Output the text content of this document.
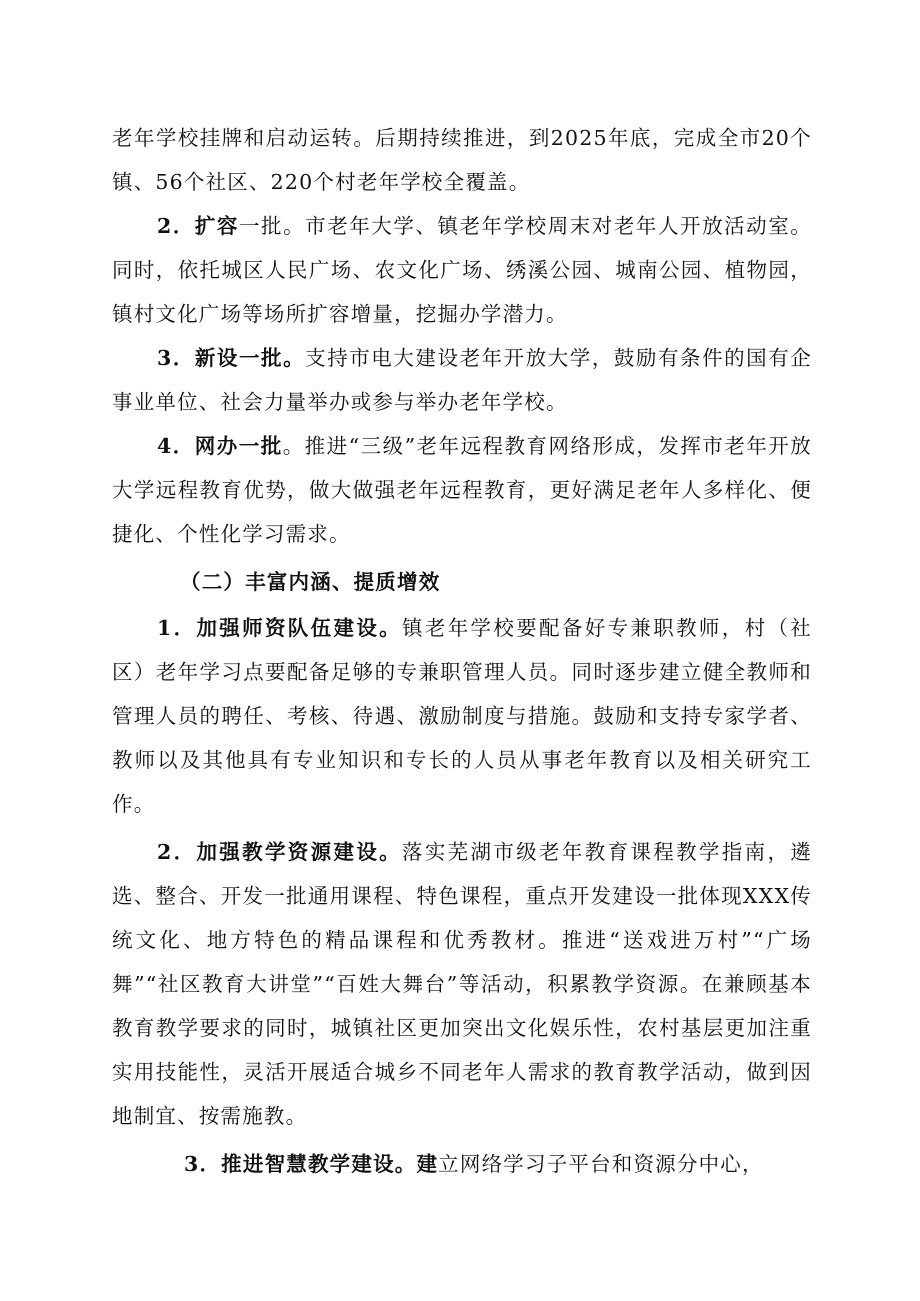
老年学校挂牌和启动运转。后期持续推进，到2025年底，完成全市20个镇、56个社区、220个村老年学校全覆盖。

2．扩容一批。市老年大学、镇老年学校周末对老年人开放活动室。同时，依托城区人民广场、农文化广场、绣溪公园、城南公园、植物园，镇村文化广场等场所扩容增量，挖掘办学潜力。

3．新设一批。支持市电大建设老年开放大学，鼓励有条件的国有企事业单位、社会力量举办或参与举办老年学校。

4．网办一批。推进“三级”老年远程教育网络形成，发挥市老年开放大学远程教育优势，做大做强老年远程教育，更好满足老年人多样化、便捷化、个性化学习需求。

（二）丰富内涵、提质增效

1．加强师资队伍建设。镇老年学校要配备好专兼职教师，村（社区）老年学习点要配备足够的专兼职管理人员。同时逐步建立健全教师和管理人员的聘任、考核、待遇、激励制度与措施。鼓励和支持专家学者、教师以及其他具有专业知识和专长的人员从事老年教育以及相关研究工作。

2．加强教学资源建设。落实芜湖市级老年教育课程教学指南，遴选、整合、开发一批通用课程、特色课程，重点开发建设一批体现XXX传统文化、地方特色的精品课程和优秀教材。推进“送戏进万村”“广场舞”“社区教育大讲堂”“百姓大舞台”等活动，积累教学资源。在兼顾基本教育教学要求的同时，城镇社区更加突出文化娱乐性，农村基层更加注重实用技能性，灵活开展适合城乡不同老年人需求的教育教学活动，做到因地制宜、按需施教。

3．推进智慧教学建设。建立网络学习子平台和资源分中心，
